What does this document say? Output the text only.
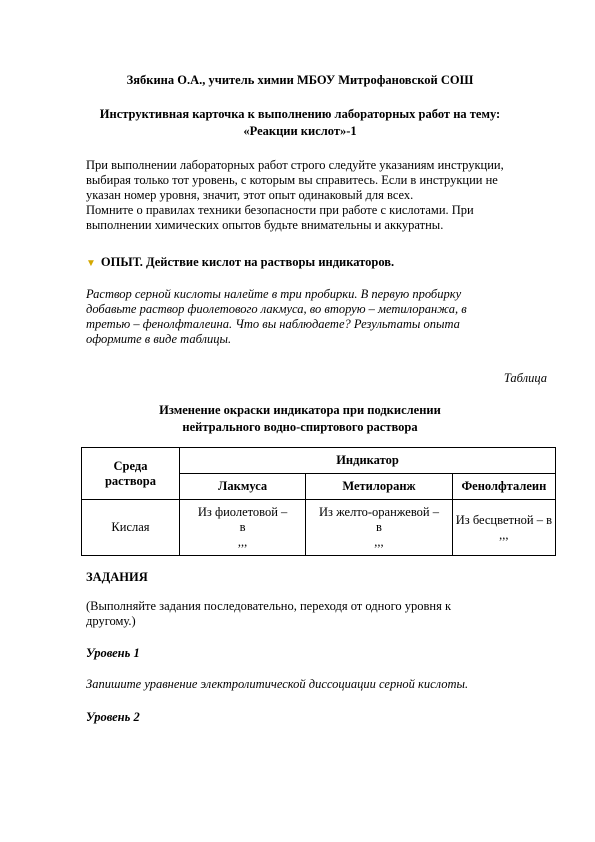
Зябкина О.А., учитель химии МБОУ Митрофановской СОШ
Инструктивная карточка к выполнению лабораторных работ на тему:
«Реакции кислот»-1
При выполнении лабораторных работ строго следуйте указаниям инструкции,
выбирая только тот уровень, с которым вы справитесь. Если в инструкции не
указан номер уровня, значит, этот опыт одинаковый для всех.
Помните о правилах техники безопасности при работе с кислотами. При
выполнении химических опытов будьте внимательны и аккуратны.
▼ ОПЫТ. Действие кислот на растворы индикаторов.
Раствор серной кислоты налейте в три пробирки. В первую пробирку
добавьте раствор фиолетового лакмуса, во вторую – метилоранжа, в
третью – фенолфталеина. Что вы наблюдаете? Результаты опыта
оформите в виде таблицы.
Таблица
Изменение окраски индикатора при подкислении
нейтрального водно-спиртового раствора
Среда
раствора	Индикатор		
	Лакмуса	Метилоранж	Фенолфталеин
Кислая	Из фиолетовой –
в
,,,	Из желто-оранжевой –
в
,,,	Из бесцветной – в
,,,
ЗАДАНИЯ
(Выполняйте задания последовательно, переходя от одного уровня к
другому.)
Уровень 1
Запишите уравнение электролитической диссоциации серной кислоты.
Уровень 2
